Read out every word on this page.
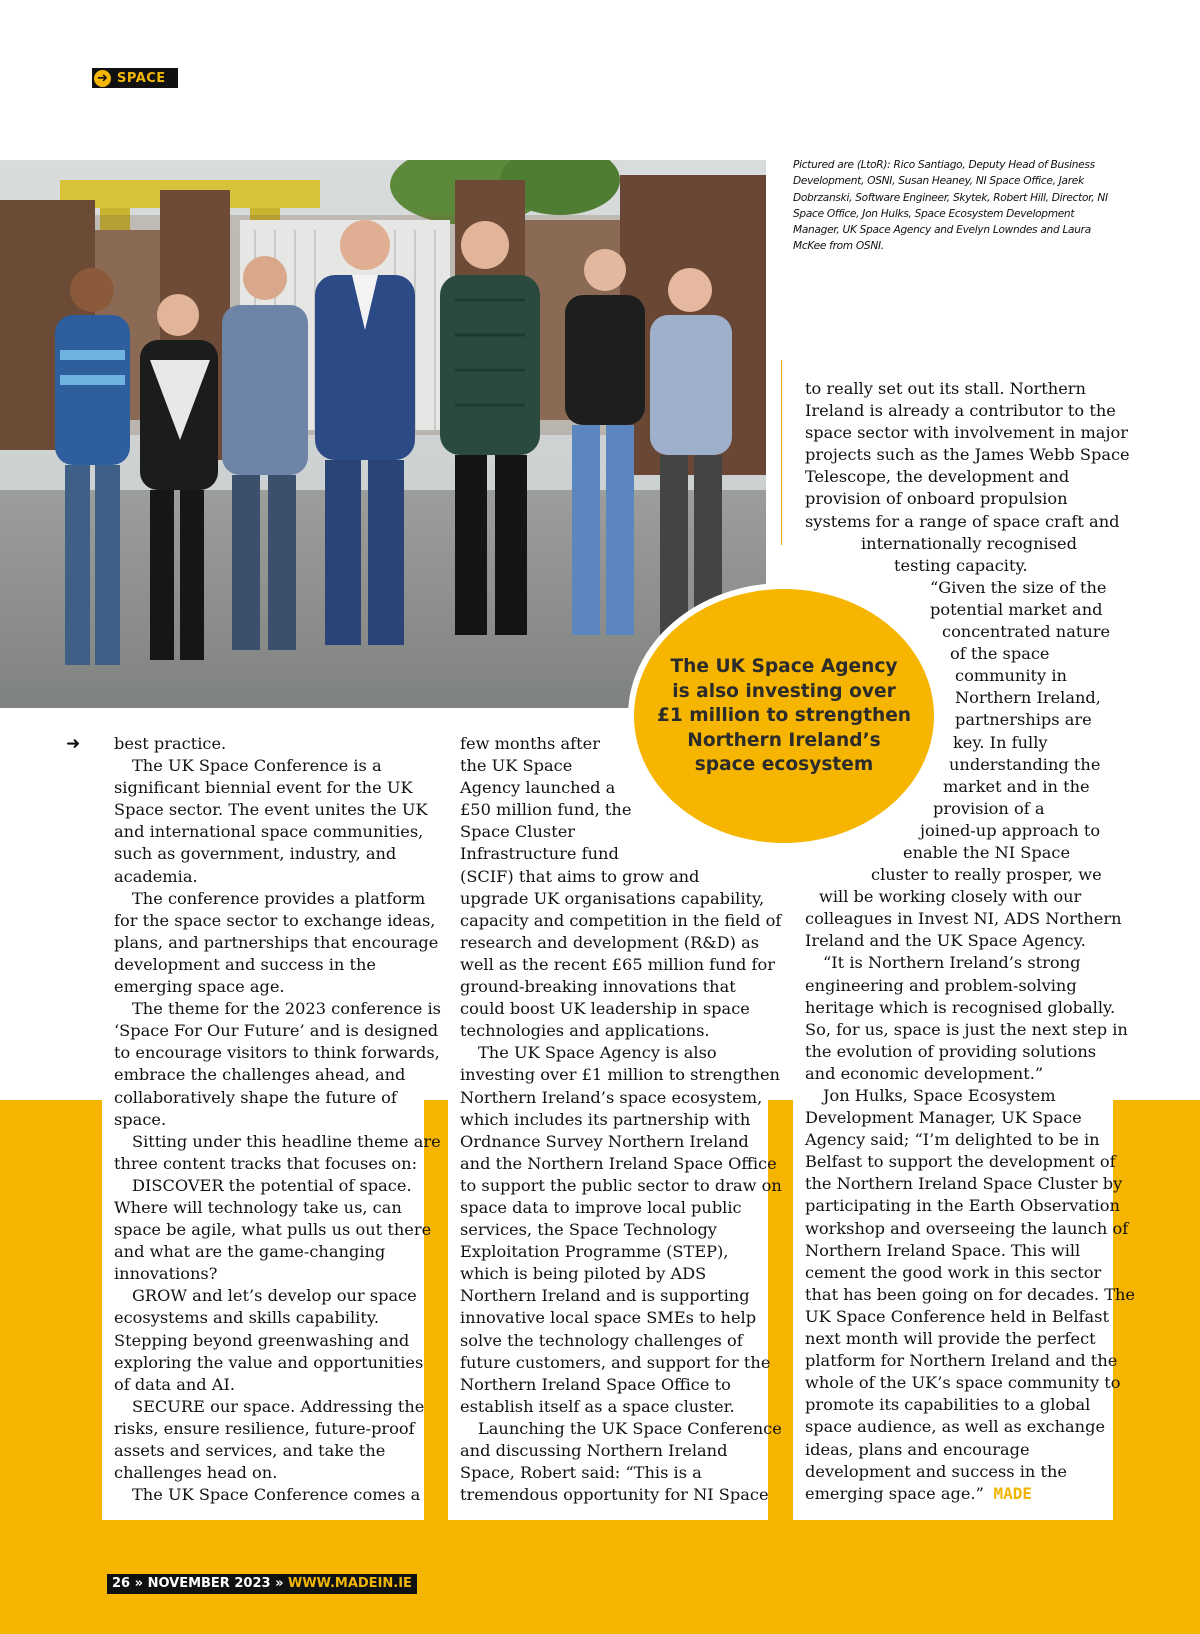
➜ SPACE
Pictured are (LtoR): Rico Santiago, Deputy Head of Business Development, OSNI, Susan Heaney, NI Space Office, Jarek Dobrzanski, Software Engineer, Skytek, Robert Hill, Director, NI Space Office, Jon Hulks, Space Ecosystem Development Manager, UK Space Agency and Evelyn Lowndes and Laura McKee from OSNI.
➜ best practice.
The UK Space Conference is a
significant biennial event for the UK
Space sector. The event unites the UK
and international space communities,
such as government, industry, and
academia.
The conference provides a platform
for the space sector to exchange ideas,
plans, and partnerships that encourage
development and success in the
emerging space age.
The theme for the 2023 conference is
‘Space For Our Future’ and is designed
to encourage visitors to think forwards,
embrace the challenges ahead, and
collaboratively shape the future of
space.
Sitting under this headline theme are
three content tracks that focuses on:
DISCOVER the potential of space.
Where will technology take us, can
space be agile, what pulls us out there
and what are the game-changing
innovations?
GROW and let’s develop our space
ecosystems and skills capability.
Stepping beyond greenwashing and
exploring the value and opportunities
of data and AI.
SECURE our space. Addressing the
risks, ensure resilience, future-proof
assets and services, and take the
challenges head on.
The UK Space Conference comes a
few months after
the UK Space
Agency launched a
£50 million fund, the
Space Cluster
Infrastructure fund
(SCIF) that aims to grow and
upgrade UK organisations capability,
capacity and competition in the field of
research and development (R&D) as
well as the recent £65 million fund for
ground-breaking innovations that
could boost UK leadership in space
technologies and applications.
The UK Space Agency is also
investing over £1 million to strengthen
Northern Ireland’s space ecosystem,
which includes its partnership with
Ordnance Survey Northern Ireland
and the Northern Ireland Space Office
to support the public sector to draw on
space data to improve local public
services, the Space Technology
Exploitation Programme (STEP),
which is being piloted by ADS
Northern Ireland and is supporting
innovative local space SMEs to help
solve the technology challenges of
future customers, and support for the
Northern Ireland Space Office to
establish itself as a space cluster.
Launching the UK Space Conference
and discussing Northern Ireland
Space, Robert said: “This is a
tremendous opportunity for NI Space
to really set out its stall. Northern
Ireland is already a contributor to the
space sector with involvement in major
projects such as the James Webb Space
Telescope, the development and
provision of onboard propulsion
systems for a range of space craft and
internationally recognised
testing capacity.
“Given the size of the
potential market and
concentrated nature
of the space
community in
Northern Ireland,
partnerships are
key. In fully
understanding the
market and in the
provision of a
joined-up approach to
enable the NI Space
cluster to really prosper, we
will be working closely with our
colleagues in Invest NI, ADS Northern
Ireland and the UK Space Agency.
“It is Northern Ireland’s strong
engineering and problem-solving
heritage which is recognised globally.
So, for us, space is just the next step in
the evolution of providing solutions
and economic development.”
Jon Hulks, Space Ecosystem
Development Manager, UK Space
Agency said; “I’m delighted to be in
Belfast to support the development of
the Northern Ireland Space Cluster by
participating in the Earth Observation
workshop and overseeing the launch of
Northern Ireland Space. This will
cement the good work in this sector
that has been going on for decades. The
UK Space Conference held in Belfast
next month will provide the perfect
platform for Northern Ireland and the
whole of the UK’s space community to
promote its capabilities to a global
space audience, as well as exchange
ideas, plans and encourage
development and success in the
emerging space age.” MADE
The UK Space Agency
is also investing over
£1 million to strengthen
Northern Ireland’s
space ecosystem
26 » NOVEMBER 2023 » WWW.MADEIN.IE
